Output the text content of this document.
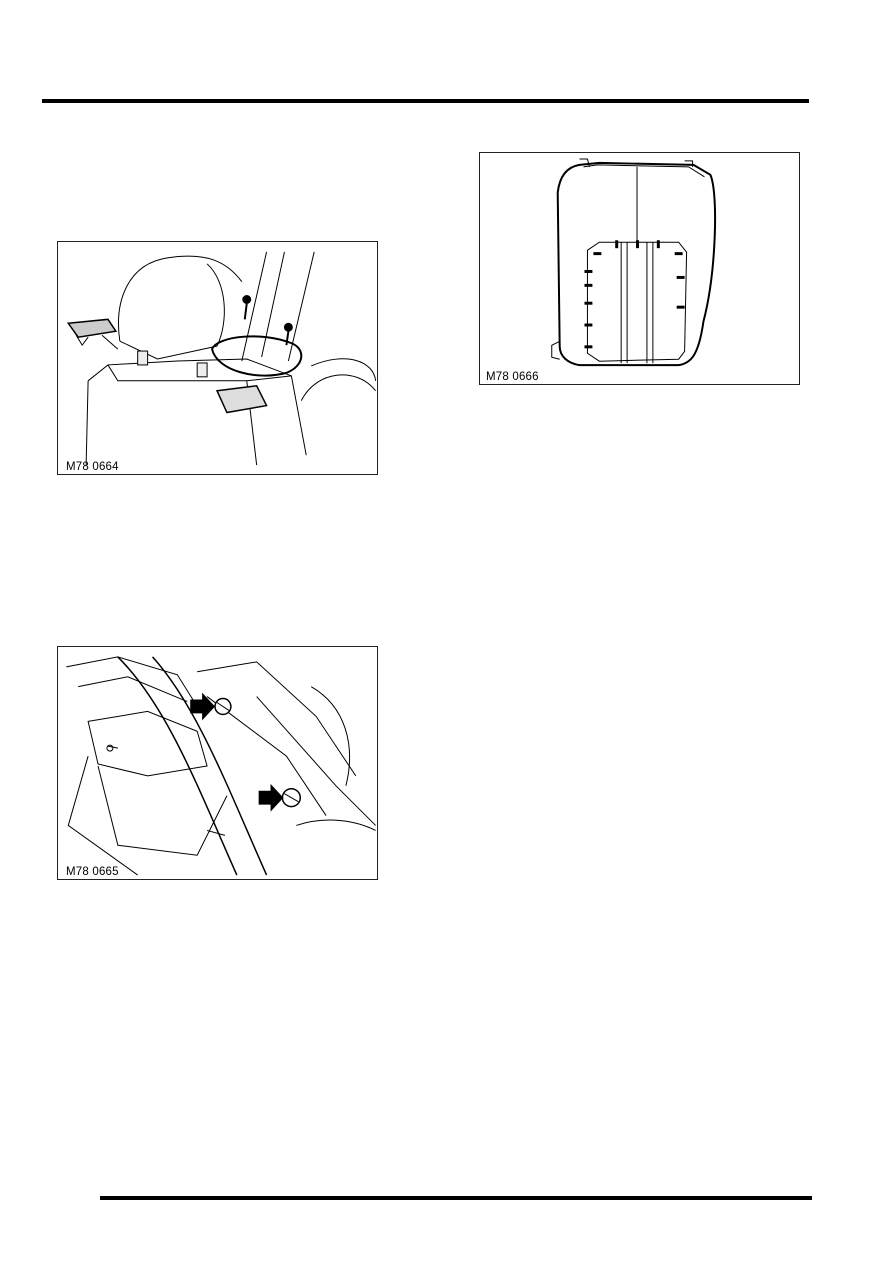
M78 0664
M78 0665
M78 0666
